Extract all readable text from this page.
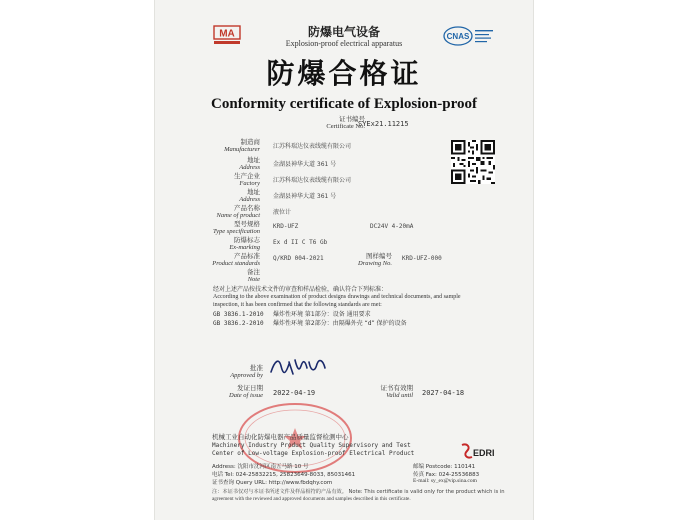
MA	防爆电气设备
Explosion-proof electrical apparatus
CNAS
防爆合格证
Conformity certificate of Explosion-proof
证书编号
Certificate No.
SYEx21.11215
制造商
Manufacturer 江苏科瑞达仪表线缆有限公司
地址
Address 金湖县神华大道 361 号
生产企业
Factory 江苏科瑞达仪表线缆有限公司
地址
Address 金湖县神华大道 361 号
产品名称
Name of product 液位计
型号规格
Type specification
KRD-UFZ	DC24V 4-20mA
防爆标志
Ex-marking
Ex d II C T6 Gb
产品标准
Product standards
Q/KRD 004-2021	图样编号
Drawing No.
KRD-UFZ-000
备注
Note
经对上述产品按技术文件的审查和样品检验，确认符合下列标准：
According to the above examination of product designs drawings and technical documents, and sample
inspection, it has been confirmed that the following standards are met:
GB 3836.1-2010 爆炸性环境 第1部分：设备 通用要求
GB 3836.2-2010 爆炸性环境 第2部分：由隔爆外壳 “d” 保护的设备
批准
Approved by
发证日期
Date of issue 2022-04-19
证书有效期
Valid until 2027-04-18
机械工业自动化防爆电器产品质量监督检测中心
Machinery Industry Product Quality Supervisory and Test
Center of Low-voltage Explosion-proof Electrical Product	EDRI
Address: 沈阳市沈河区南五马路 10 号	邮编 Postcode: 110141
电话 Tel: 024-25832215, 25823649-8033, 85031461	传真 Fax: 024-25536883
证书查询 Query URL: http://www.fbdqhy.com	E-mail: sy_ex@vip.sina.com
注：本证书仅对与本证书所述文件及样品相符的产品有效。 Note: This certificate is valid only for the product which is in
agreement with the reviewed and approved documents and samples described in this certificate.
